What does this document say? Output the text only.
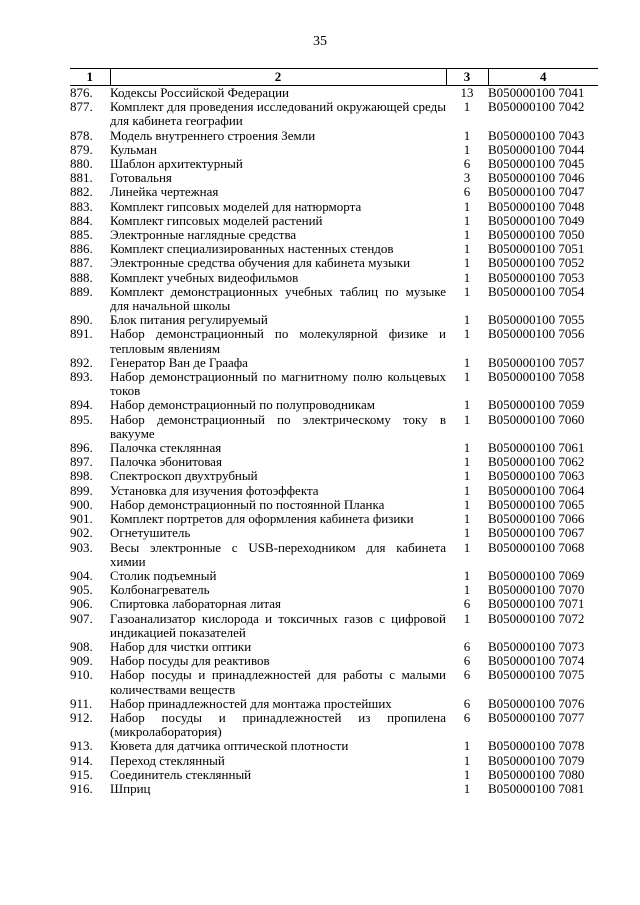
35
1	2	3	4
876.	Кодексы Российской Федерации	13	B050000100 7041
877.	Комплект для проведения исследований окружающей среды для кабинета географии	1	B050000100 7042
878.	Модель внутреннего строения Земли	1	B050000100 7043
879.	Кульман	1	B050000100 7044
880.	Шаблон архитектурный	6	B050000100 7045
881.	Готовальня	3	B050000100 7046
882.	Линейка чертежная	6	B050000100 7047
883.	Комплект гипсовых моделей для натюрморта	1	B050000100 7048
884.	Комплект гипсовых моделей растений	1	B050000100 7049
885.	Электронные наглядные средства	1	B050000100 7050
886.	Комплект специализированных настенных стендов	1	B050000100 7051
887.	Электронные средства обучения для кабинета музыки	1	B050000100 7052
888.	Комплект учебных видеофильмов	1	B050000100 7053
889.	Комплект демонстрационных учебных таблиц по музыке для начальной школы	1	B050000100 7054
890.	Блок питания регулируемый	1	B050000100 7055
891.	Набор демонстрационный по молекулярной физике и тепловым явлениям	1	B050000100 7056
892.	Генератор Ван де Граафа	1	B050000100 7057
893.	Набор демонстрационный по магнитному полю кольцевых токов	1	B050000100 7058
894.	Набор демонстрационный по полупроводникам	1	B050000100 7059
895.	Набор демонстрационный по электрическому току в вакууме	1	B050000100 7060
896.	Палочка стеклянная	1	B050000100 7061
897.	Палочка эбонитовая	1	B050000100 7062
898.	Спектроскоп двухтрубный	1	B050000100 7063
899.	Установка для изучения фотоэффекта	1	B050000100 7064
900.	Набор демонстрационный по постоянной Планка	1	B050000100 7065
901.	Комплект портретов для оформления кабинета физики	1	B050000100 7066
902.	Огнетушитель	1	B050000100 7067
903.	Весы электронные с USB-переходником для кабинета химии	1	B050000100 7068
904.	Столик подъемный	1	B050000100 7069
905.	Колбонагреватель	1	B050000100 7070
906.	Спиртовка лабораторная литая	6	B050000100 7071
907.	Газоанализатор кислорода и токсичных газов с цифровой индикацией показателей	1	B050000100 7072
908.	Набор для чистки оптики	6	B050000100 7073
909.	Набор посуды для реактивов	6	B050000100 7074
910.	Набор посуды и принадлежностей для работы с малыми количествами веществ	6	B050000100 7075
911.	Набор принадлежностей для монтажа простейших	6	B050000100 7076
912.	Набор посуды и принадлежностей из пропилена (микролаборатория)	6	B050000100 7077
913.	Кювета для датчика оптической плотности	1	B050000100 7078
914.	Переход стеклянный	1	B050000100 7079
915.	Соединитель стеклянный	1	B050000100 7080
916.	Шприц	1	B050000100 7081
